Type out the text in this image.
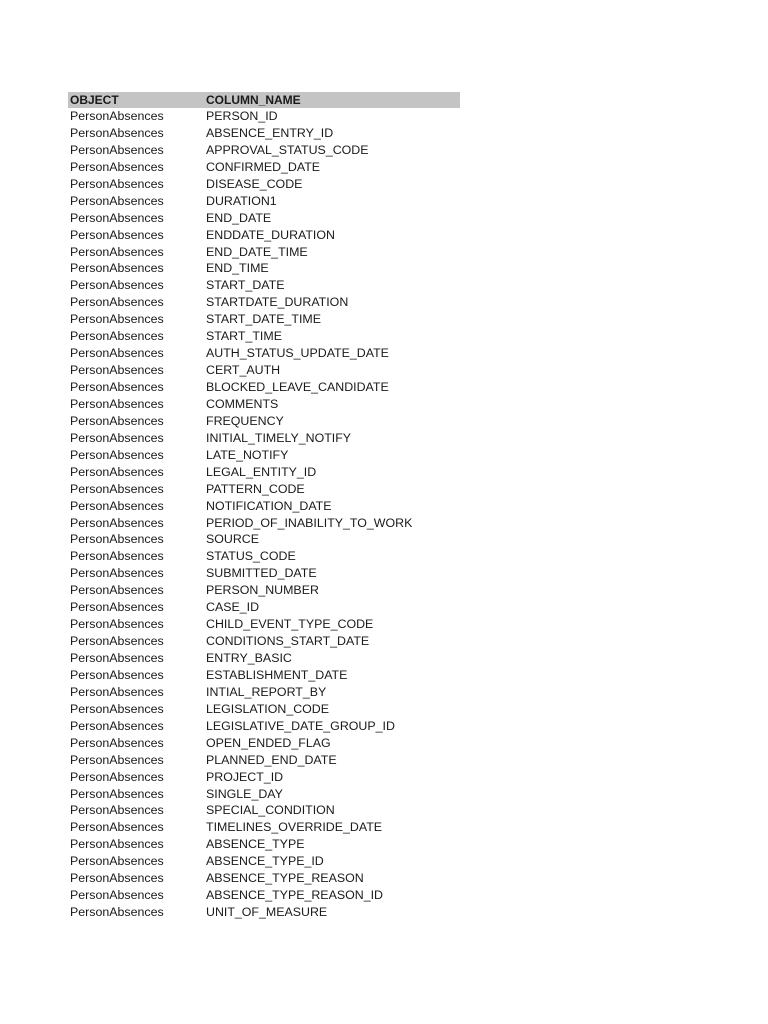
OBJECT	COLUMN_NAME
PersonAbsences	PERSON_ID
PersonAbsences	ABSENCE_ENTRY_ID
PersonAbsences	APPROVAL_STATUS_CODE
PersonAbsences	CONFIRMED_DATE
PersonAbsences	DISEASE_CODE
PersonAbsences	DURATION1
PersonAbsences	END_DATE
PersonAbsences	ENDDATE_DURATION
PersonAbsences	END_DATE_TIME
PersonAbsences	END_TIME
PersonAbsences	START_DATE
PersonAbsences	STARTDATE_DURATION
PersonAbsences	START_DATE_TIME
PersonAbsences	START_TIME
PersonAbsences	AUTH_STATUS_UPDATE_DATE
PersonAbsences	CERT_AUTH
PersonAbsences	BLOCKED_LEAVE_CANDIDATE
PersonAbsences	COMMENTS
PersonAbsences	FREQUENCY
PersonAbsences	INITIAL_TIMELY_NOTIFY
PersonAbsences	LATE_NOTIFY
PersonAbsences	LEGAL_ENTITY_ID
PersonAbsences	PATTERN_CODE
PersonAbsences	NOTIFICATION_DATE
PersonAbsences	PERIOD_OF_INABILITY_TO_WORK
PersonAbsences	SOURCE
PersonAbsences	STATUS_CODE
PersonAbsences	SUBMITTED_DATE
PersonAbsences	PERSON_NUMBER
PersonAbsences	CASE_ID
PersonAbsences	CHILD_EVENT_TYPE_CODE
PersonAbsences	CONDITIONS_START_DATE
PersonAbsences	ENTRY_BASIC
PersonAbsences	ESTABLISHMENT_DATE
PersonAbsences	INTIAL_REPORT_BY
PersonAbsences	LEGISLATION_CODE
PersonAbsences	LEGISLATIVE_DATE_GROUP_ID
PersonAbsences	OPEN_ENDED_FLAG
PersonAbsences	PLANNED_END_DATE
PersonAbsences	PROJECT_ID
PersonAbsences	SINGLE_DAY
PersonAbsences	SPECIAL_CONDITION
PersonAbsences	TIMELINES_OVERRIDE_DATE
PersonAbsences	ABSENCE_TYPE
PersonAbsences	ABSENCE_TYPE_ID
PersonAbsences	ABSENCE_TYPE_REASON
PersonAbsences	ABSENCE_TYPE_REASON_ID
PersonAbsences	UNIT_OF_MEASURE
